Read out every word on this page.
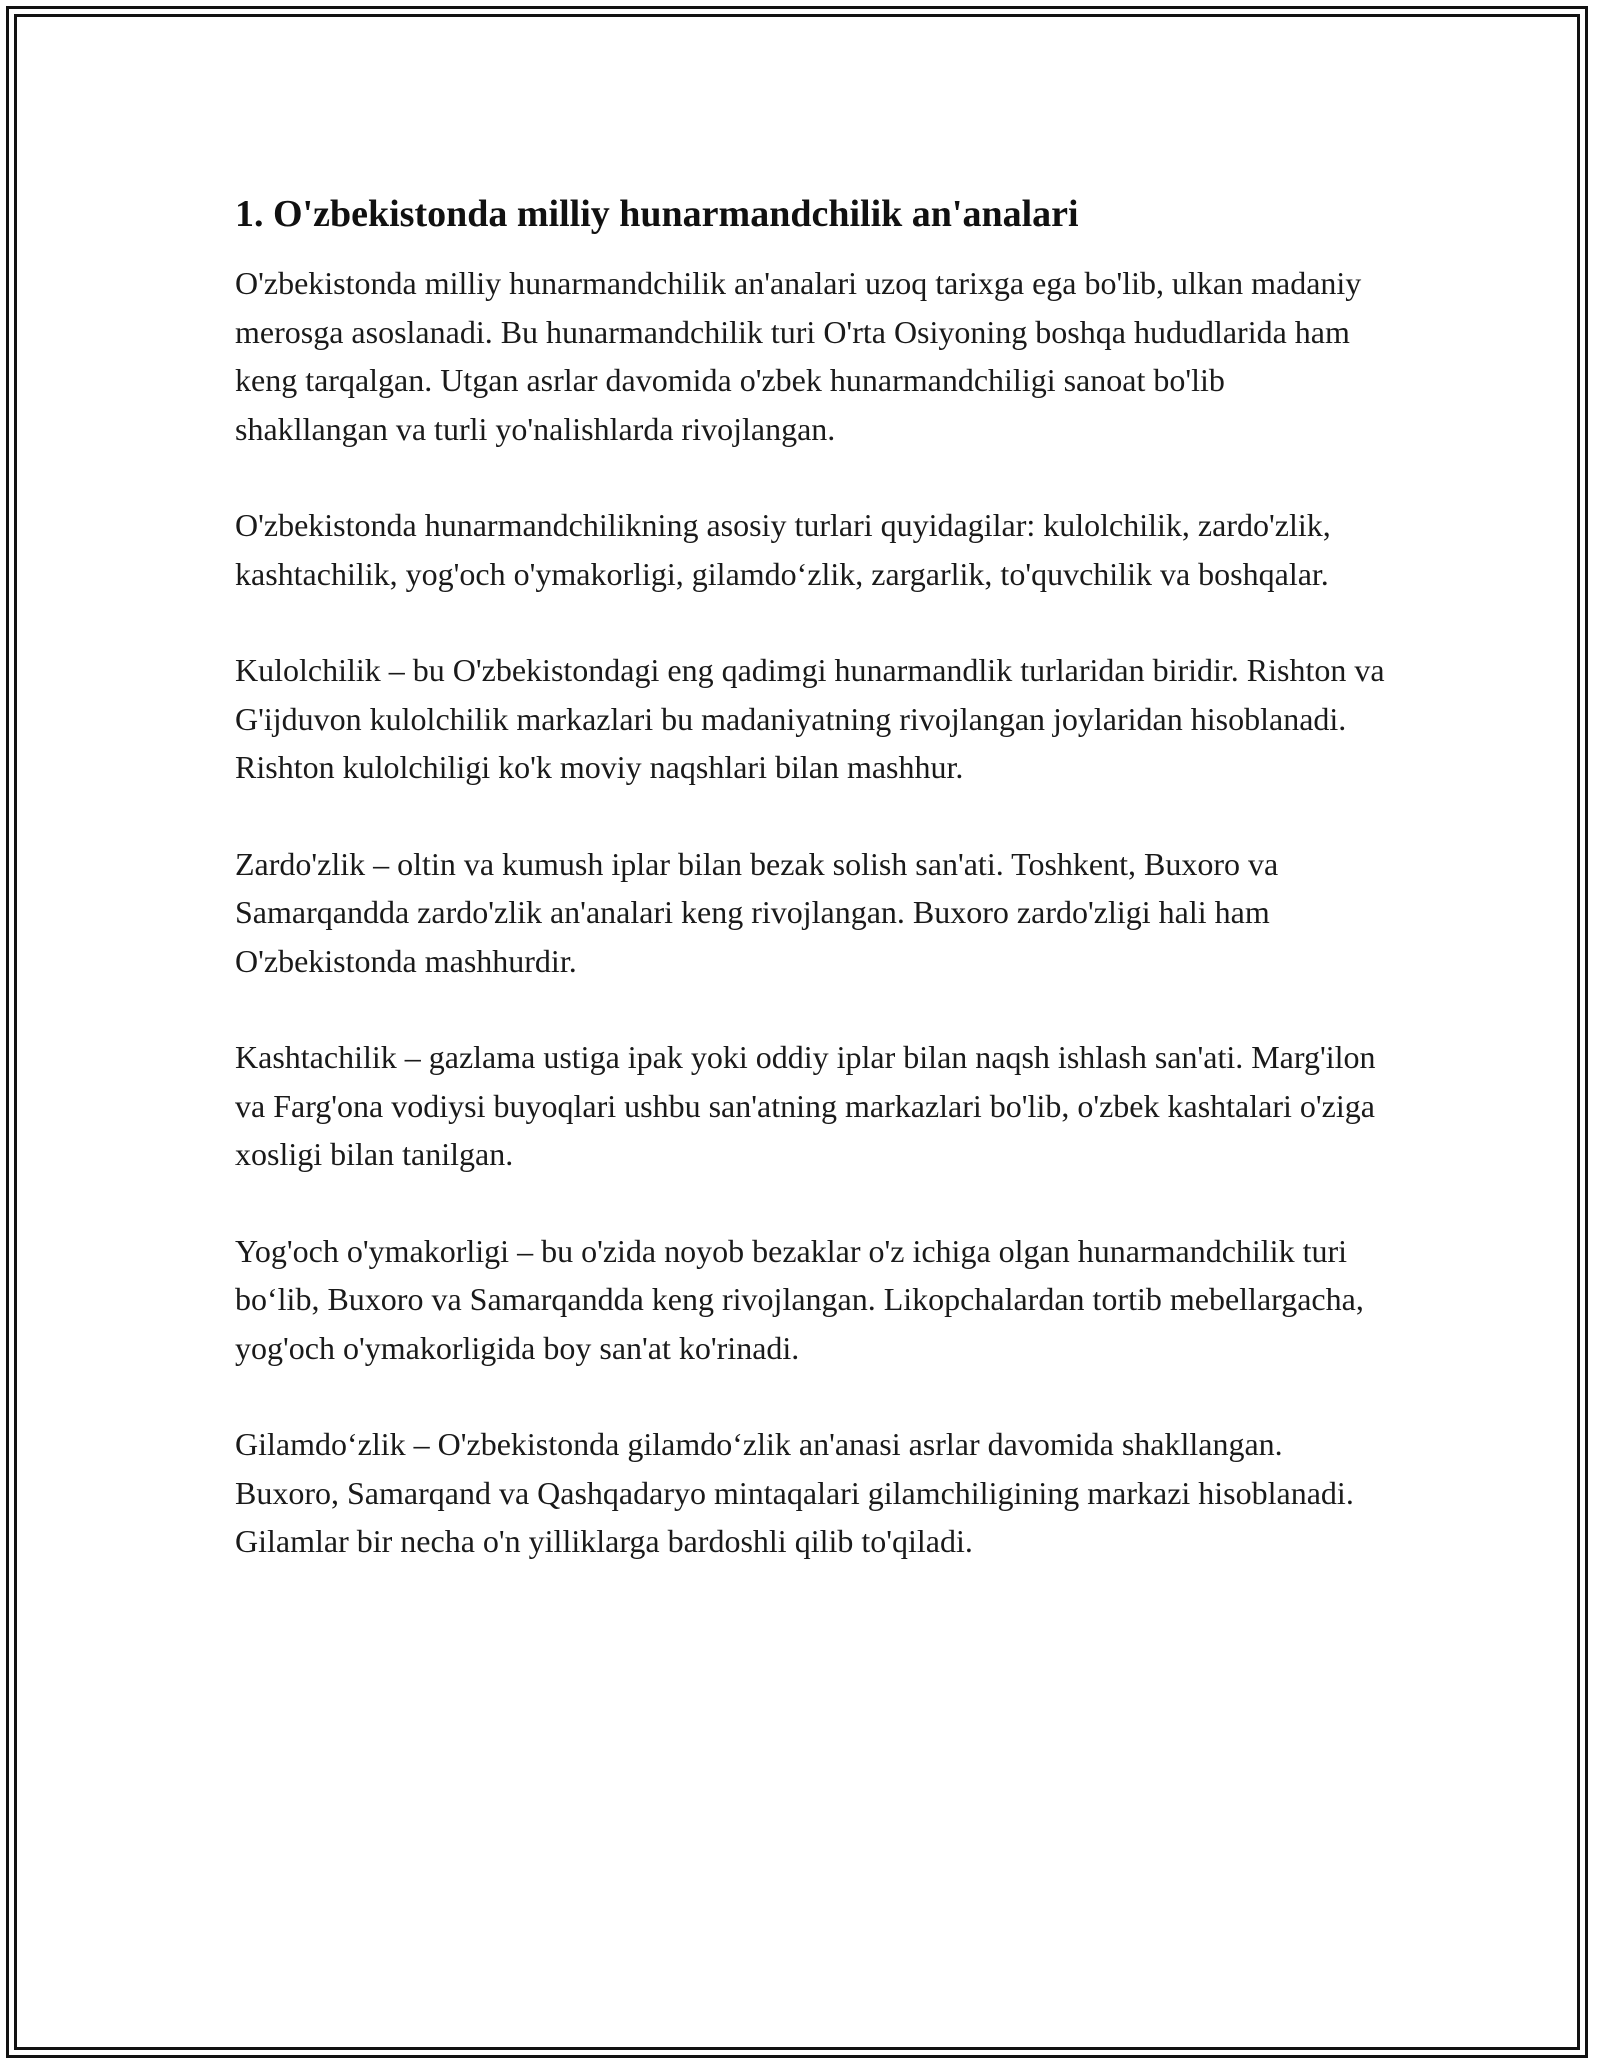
1. O'zbekistonda milliy hunarmandchilik an'analari

O'zbekistonda milliy hunarmandchilik an'analari uzoq tarixga ega bo'lib, ulkan madaniy merosga asoslanadi. Bu hunarmandchilik turi O'rta Osiyoning boshqa hududlarida ham keng tarqalgan. Utgan asrlar davomida o'zbek hunarmandchiligi sanoat bo'lib shakllangan va turli yo'nalishlarda rivojlangan.

O'zbekistonda hunarmandchilikning asosiy turlari quyidagilar: kulolchilik, zardo'zlik, kashtachilik, yog'och o'ymakorligi, gilamdo‘zlik, zargarlik, to'quvchilik va boshqalar.

Kulolchilik – bu O'zbekistondagi eng qadimgi hunarmandlik turlaridan biridir. Rishton va G'ijduvon kulolchilik markazlari bu madaniyatning rivojlangan joylaridan hisoblanadi. Rishton kulolchiligi ko'k moviy naqshlari bilan mashhur.

Zardo'zlik – oltin va kumush iplar bilan bezak solish san'ati. Toshkent, Buxoro va Samarqandda zardo'zlik an'analari keng rivojlangan. Buxoro zardo'zligi hali ham O'zbekistonda mashhurdir.

Kashtachilik – gazlama ustiga ipak yoki oddiy iplar bilan naqsh ishlash san'ati. Marg'ilon va Farg'ona vodiysi buyoqlari ushbu san'atning markazlari bo'lib, o'zbek kashtalari o'ziga xosligi bilan tanilgan.

Yog'och o'ymakorligi – bu o'zida noyob bezaklar o'z ichiga olgan hunarmandchilik turi bo‘lib, Buxoro va Samarqandda keng rivojlangan. Likopchalardan tortib mebellargacha, yog'och o'ymakorligida boy san'at ko'rinadi.

Gilamdo‘zlik – O'zbekistonda gilamdo‘zlik an'anasi asrlar davomida shakllangan. Buxoro, Samarqand va Qashqadaryo mintaqalari gilamchiligining markazi hisoblanadi. Gilamlar bir necha o'n yilliklarga bardoshli qilib to'qiladi.
